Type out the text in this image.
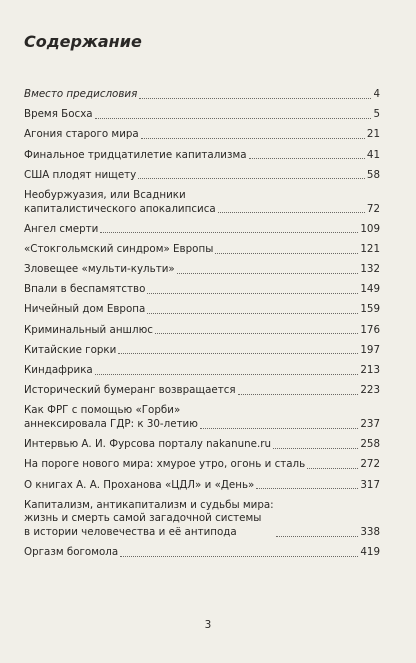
Содержание
Вместо предисловия	4
Время Босха	5
Агония старого мира	21
Финальное тридцатилетие капитализма	41
США плодят нищету	58
Необуржуазия, или Всадники
капиталистического апокалипсиса	72
Ангел смерти	109
«Стокгольмский синдром» Европы	121
Зловещее «мульти-культи»	132
Впали в беспамятство	149
Ничейный дом Европа	159
Криминальный аншлюс	176
Китайские горки	197
Киндафрика	213
Исторический бумеранг возвращается	223
Как ФРГ с помощью «Горби»
аннексировала ГДР: к 30-летию	237
Интервью А. И. Фурсова порталу nakanune.ru	258
На пороге нового мира: хмурое утро, огонь и сталь	272
О книгах А. А. Проханова «ЦДЛ» и «День»	317
Капитализм, антикапитализм и судьбы мира:
жизнь и смерть самой загадочной системы
в истории человечества и её антипода	338
Оргазм богомола	419
3
